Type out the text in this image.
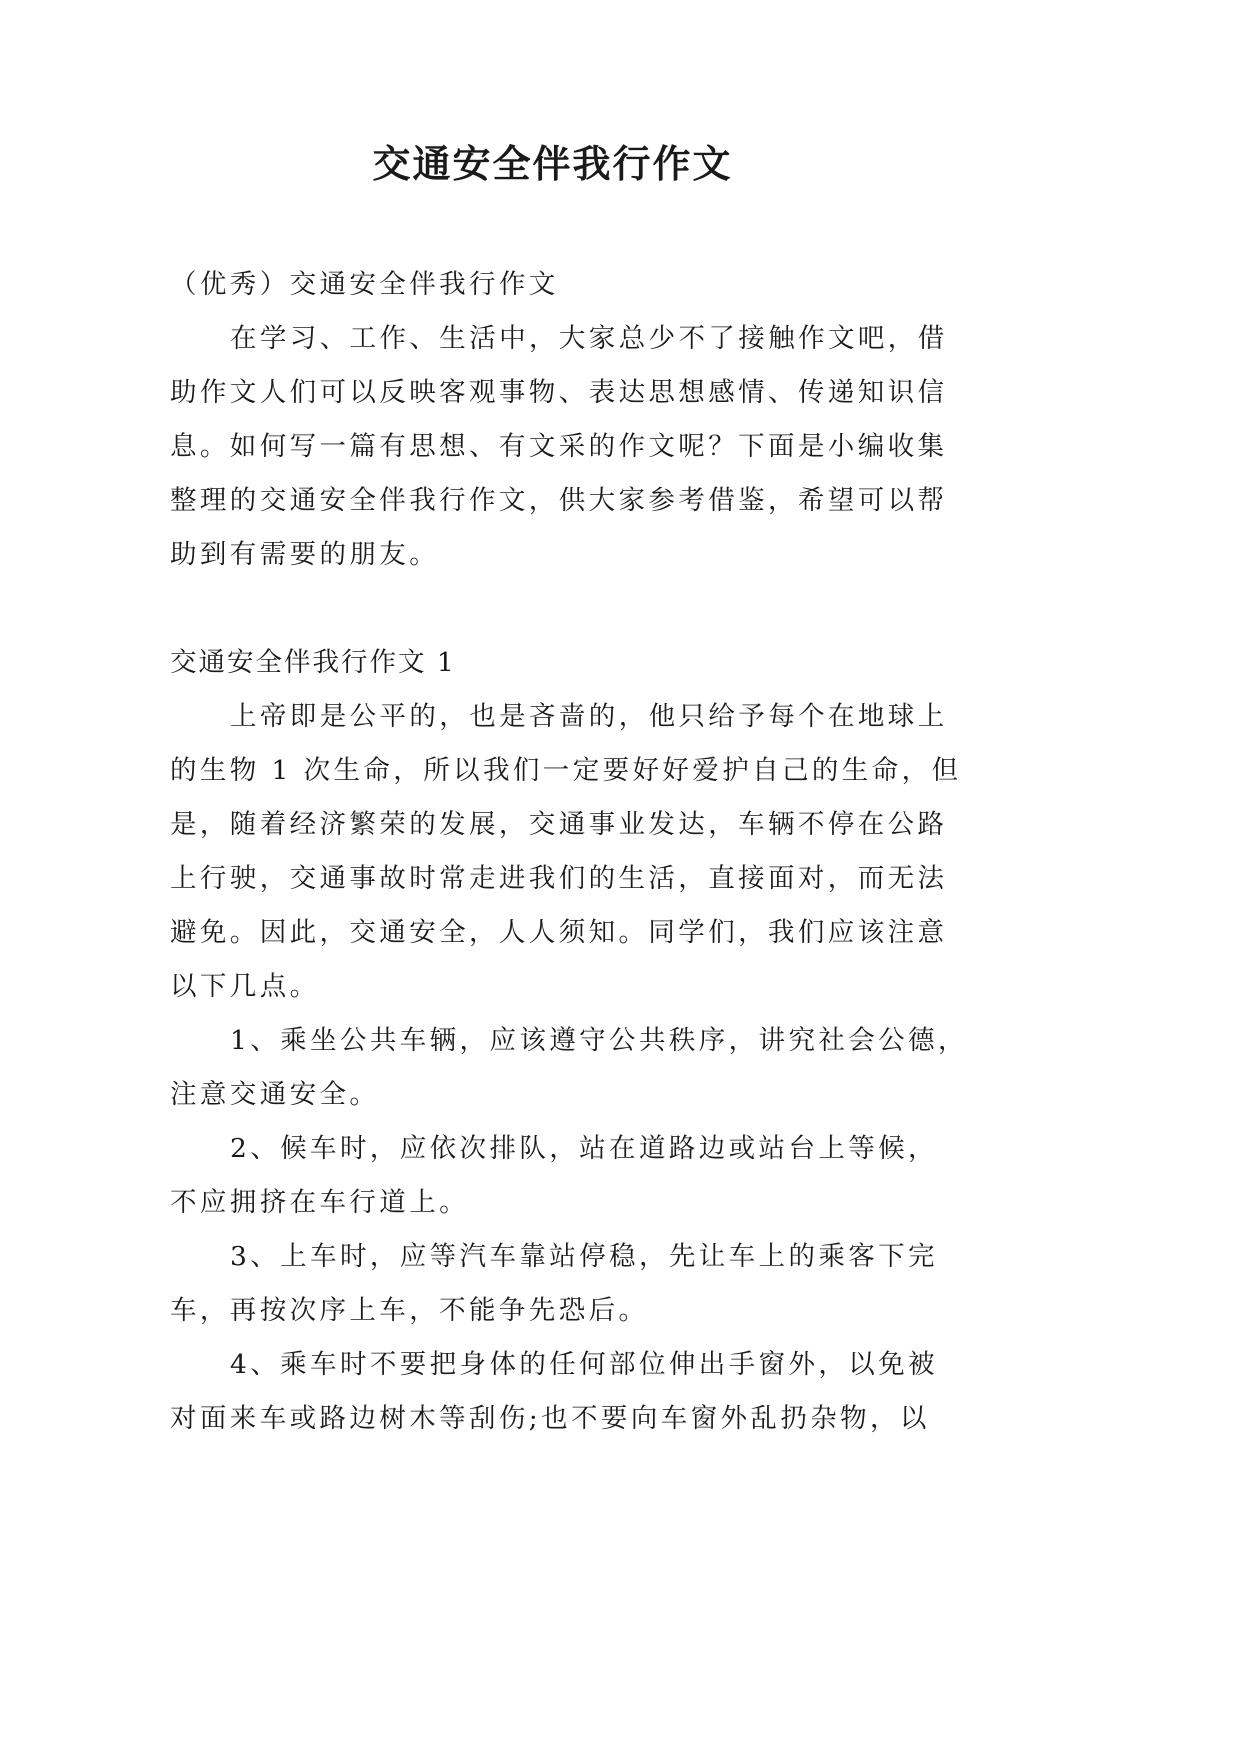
交通安全伴我行作文

（优秀）交通安全伴我行作文

在学习、工作、生活中，大家总少不了接触作文吧，借
助作文人们可以反映客观事物、表达思想感情、传递知识信
息。如何写一篇有思想、有文采的作文呢？下面是小编收集
整理的交通安全伴我行作文，供大家参考借鉴，希望可以帮
助到有需要的朋友。

交通安全伴我行作文 1

上帝即是公平的，也是吝啬的，他只给予每个在地球上
的生物 1 次生命，所以我们一定要好好爱护自己的生命，但
是，随着经济繁荣的发展，交通事业发达，车辆不停在公路
上行驶，交通事故时常走进我们的生活，直接面对，而无法
避免。因此，交通安全，人人须知。同学们，我们应该注意
以下几点。
1、乘坐公共车辆，应该遵守公共秩序，讲究社会公德，
注意交通安全。
2、候车时，应依次排队，站在道路边或站台上等候，
不应拥挤在车行道上。
3、上车时，应等汽车靠站停稳，先让车上的乘客下完
车，再按次序上车，不能争先恐后。
4、乘车时不要把身体的任何部位伸出手窗外，以免被
对面来车或路边树木等刮伤;也不要向车窗外乱扔杂物，以
